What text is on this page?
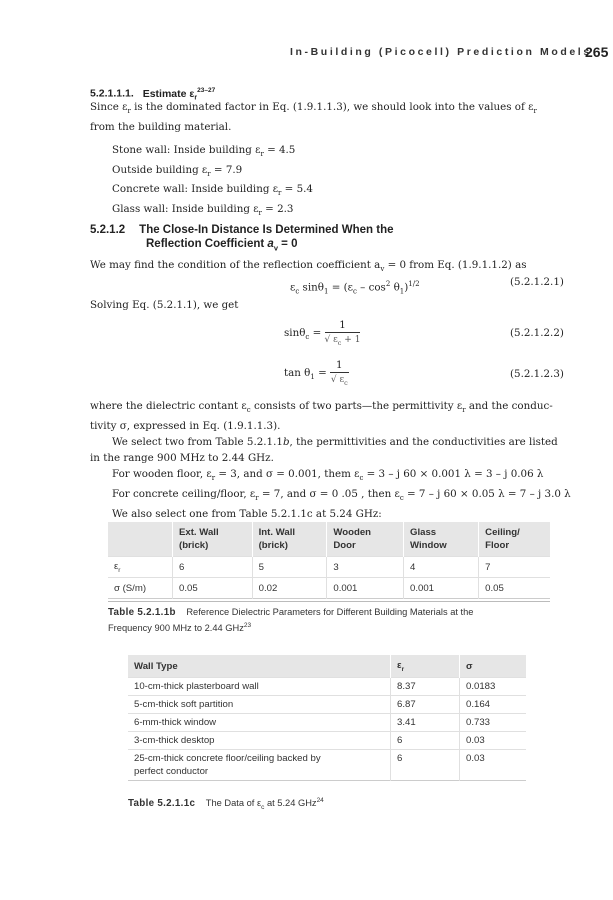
In-Building (Picocell) Prediction Models
265
5.2.1.1.1. Estimate $\varepsilon_r^{23-27}$
Since $\varepsilon_r$ is the dominated factor in Eq. (1.9.1.1.3), we should look into the values of $\varepsilon_r$
from the building material.
Stone wall: Inside building $\varepsilon_r = 4.5$
Outside building $\varepsilon_r = 7.9$
Concrete wall: Inside building $\varepsilon_r = 5.4$
Glass wall: Inside building $\varepsilon_r = 2.3$
5.2.1.2 The Close-In Distance Is Determined When the
Reflection Coefficient $a_v = 0$
We may find the condition of the reflection coefficient $a_v = 0$ from Eq. (1.9.1.1.2) as
$\varepsilon_c$ $\sin\theta_1 = (\varepsilon_c - \cos^2 \theta_1)^{1/2}$	(5.2.1.2.1)
Solving Eq. (5.2.1.1), we get
$\sin\theta_c = \frac{1}{√ \varepsilon_c + 1}$	(5.2.1.2.2)
$\tan \theta_1 = \frac{1}{√ \varepsilon_c}$	(5.2.1.2.3)
where the dielectric contant $\varepsilon_c$ consists of two parts—the permittivity $\varepsilon_r$ and the conduc-
tivity σ, expressed in Eq. (1.9.1.1.3).
We select two from Table 5.2.1.1b, the permittivities and the conductivities are listed
in the range 900 MHz to 2.44 GHz.
For wooden floor, $\varepsilon_r = 3$, and σ = 0.001, them $\varepsilon_c = 3 - j$ 60 × 0.001 λ = 3 – j 0.06 λ
For concrete ceiling/floor, $\varepsilon_r = 7$, and σ = 0 .05 , then $\varepsilon_c = 7 - j$ 60 × 0.05 λ = 7 – j 3.0 λ
We also select one from Table 5.2.1.1c at 5.24 GHz:

	Ext. Wall
(brick)	Int. Wall
(brick)	Wooden
Door	Glass
Window	Ceiling/
Floor
$\varepsilon_r$	6	5	3	4	7
σ (S/m)	0.05	0.02	0.001	0.001	0.05
Table 5.2.1.1b Reference Dielectric Parameters for Different Building Materials at the
Frequency 900 MHz to 2.44 GHz$^{23}$
Wall Type	$\varepsilon_r$	σ
10-cm-thick plasterboard wall	8.37	0.0183
5-cm-thick soft partition	6.87	0.164
6-mm-thick window	3.41	0.733
3-cm-thick desktop	6	0.03
25-cm-thick concrete floor/ceiling backed by
perfect conductor	6	0.03
Table 5.2.1.1c The Data of $\varepsilon_c$ at 5.24 GHz$^{24}$
